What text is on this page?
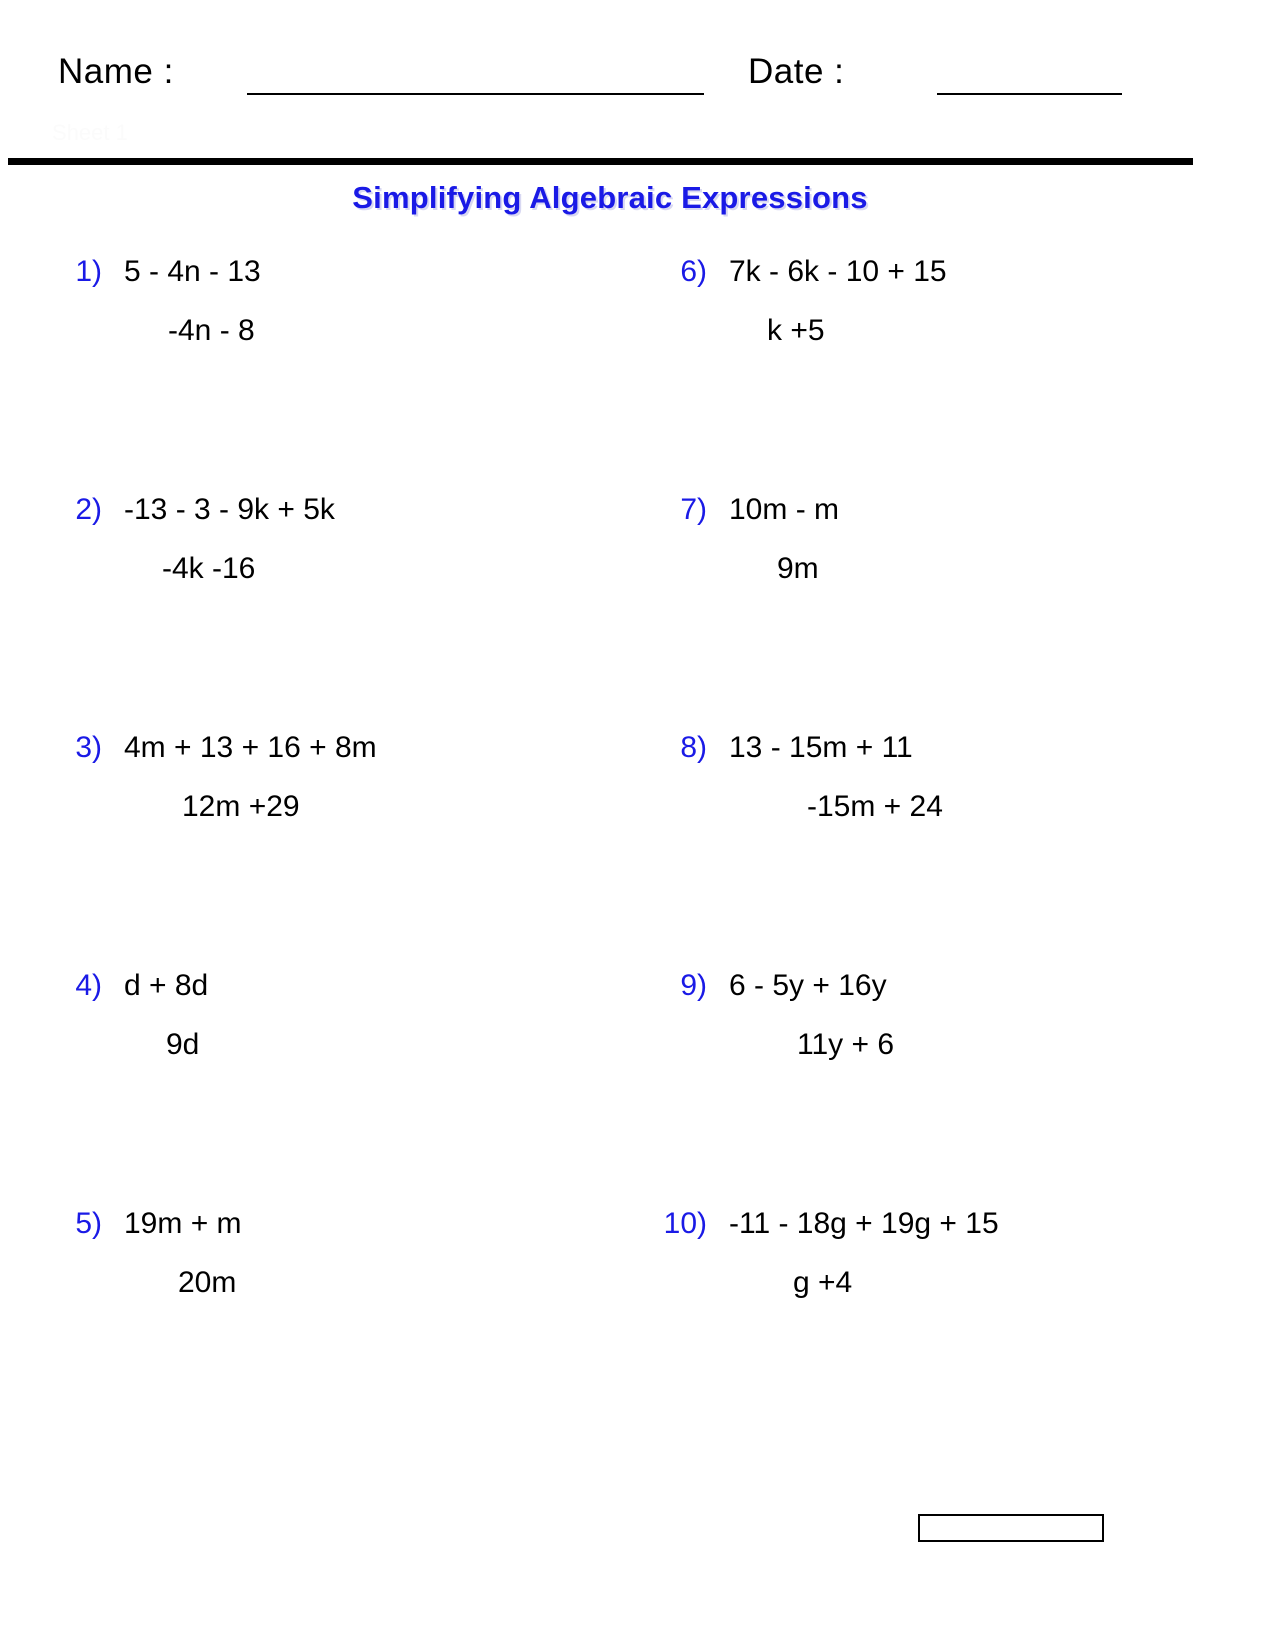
Name :	Date :
Sheet 1
Simplifying Algebraic Expressions
1) 5 - 4n - 13
-4n - 8
2) -13 - 3 - 9k + 5k
-4k -16
3) 4m + 13 + 16 + 8m
12m +29
4) d + 8d
9d
5) 19m + m
20m
6) 7k - 6k - 10 + 15
k +5
7) 10m - m
9m
8) 13 - 15m + 11
-15m + 24
9) 6 - 5y + 16y
11y + 6
10) -11 - 18g + 19g + 15
g +4
